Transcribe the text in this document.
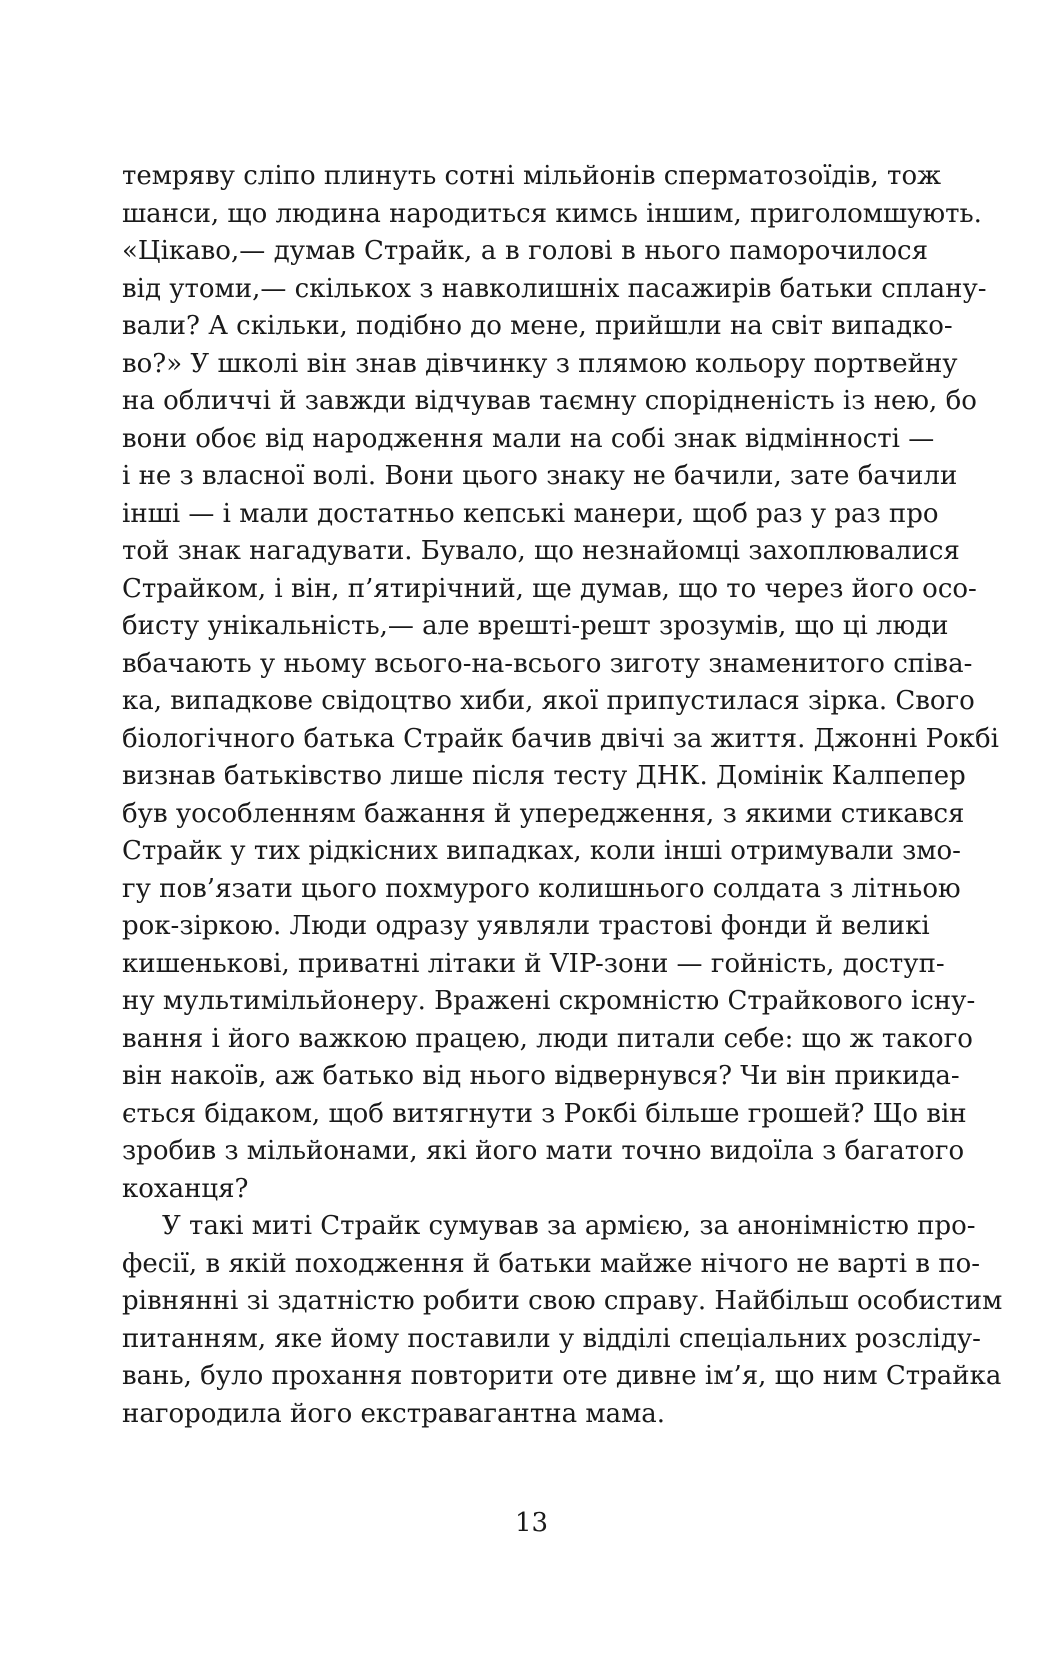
темряву сліпо плинуть сотні мільйонів сперматозоїдів, тож
шанси, що людина народиться кимсь іншим, приголомшують.
«Цікаво,— думав Страйк, а в голові в нього паморочилося
від утоми,— скількох з навколишніх пасажирів батьки сплану-
вали? А скільки, подібно до мене, прийшли на світ випадко-
во?» У школі він знав дівчинку з плямою кольору портвейну
на обличчі й завжди відчував таємну спорідненість із нею, бо
вони обоє від народження мали на собі знак відмінності —
і не з власної волі. Вони цього знаку не бачили, зате бачили
інші — і мали достатньо кепські манери, щоб раз у раз про
той знак нагадувати. Бувало, що незнайомці захоплювалися
Страйком, і він, п’ятирічний, ще думав, що то через його осо-
бисту унікальність,— але врешті-решт зрозумів, що ці люди
вбачають у ньому всього-на-всього зиготу знаменитого співа-
ка, випадкове свідоцтво хиби, якої припустилася зірка. Свого
біологічного батька Страйк бачив двічі за життя. Джонні Рокбі
визнав батьківство лише після тесту ДНК. Домінік Калпепер
був уособленням бажання й упередження, з якими стикався
Страйк у тих рідкісних випадках, коли інші отримували змо-
гу пов’язати цього похмурого колишнього солдата з літньою
рок-зіркою. Люди одразу уявляли трастові фонди й великі
кишенькові, приватні літаки й VIP-зони — гойність, доступ-
ну мультимільйонеру. Вражені скромністю Страйкового існу-
вання і його важкою працею, люди питали себе: що ж такого
він накоїв, аж батько від нього відвернувся? Чи він прикида-
ється бідаком, щоб витягнути з Рокбі більше грошей? Що він
зробив з мільйонами, які його мати точно видоїла з багатого
коханця?
У такі миті Страйк сумував за армією, за анонімністю про-
фесії, в якій походження й батьки майже нічого не варті в по-
рівнянні зі здатністю робити свою справу. Найбільш особистим
питанням, яке йому поставили у відділі спеціальних розсліду-
вань, було прохання повторити оте дивне ім’я, що ним Страйка
нагородила його екстравагантна мама.
13
